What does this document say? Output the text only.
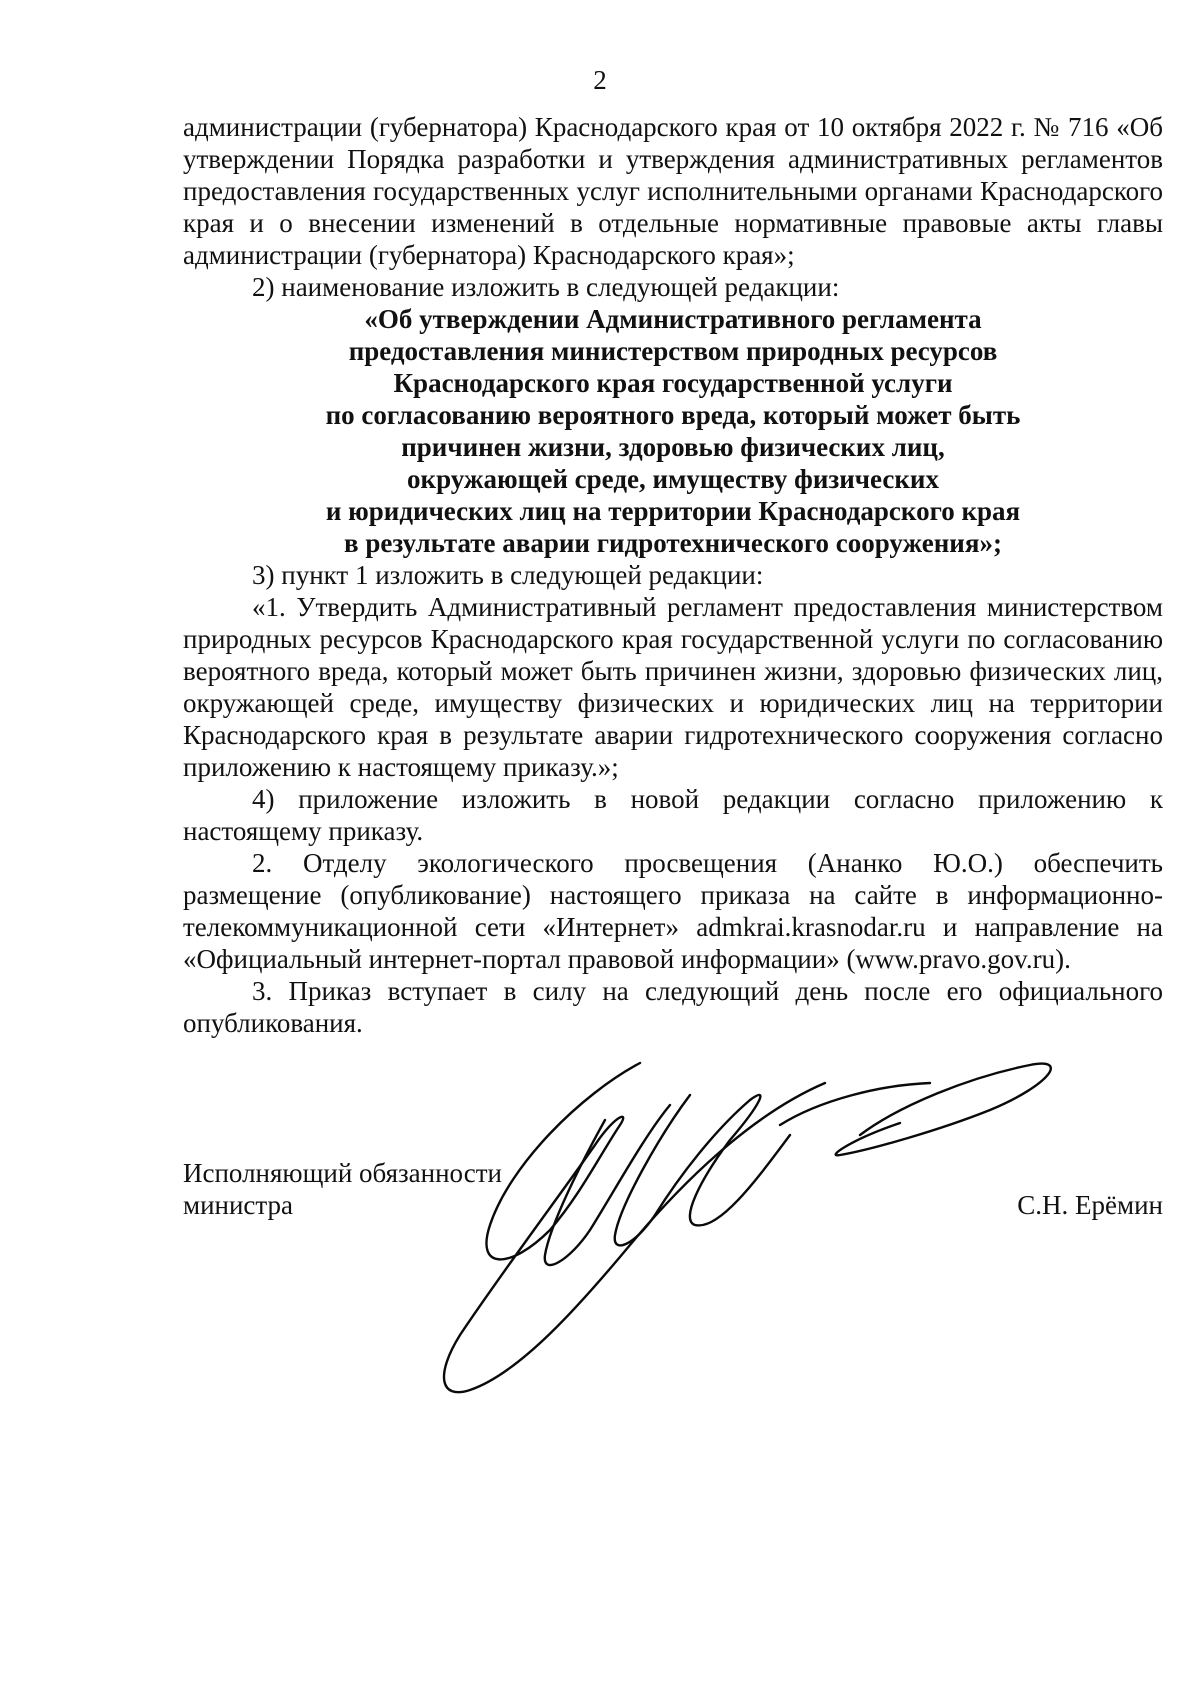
2

администрации (губернатора) Краснодарского края от 10 октября 2022 г. № 716 «Об утверждении Порядка разработки и утверждения административных регламентов предоставления государственных услуг исполнительными органами Краснодарского края и о внесении изменений в отдельные нормативные правовые акты главы администрации (губернатора) Краснодарского края»;

2) наименование изложить в следующей редакции:

«Об утверждении Административного регламента
предоставления министерством природных ресурсов
Краснодарского края государственной услуги
по согласованию вероятного вреда, который может быть
причинен жизни, здоровью физических лиц,
окружающей среде, имуществу физических
и юридических лиц на территории Краснодарского края
в результате аварии гидротехнического сооружения»;

3) пункт 1 изложить в следующей редакции:

«1. Утвердить Административный регламент предоставления министерством природных ресурсов Краснодарского края государственной услуги по согласованию вероятного вреда, который может быть причинен жизни, здоровью физических лиц, окружающей среде, имуществу физических и юридических лиц на территории Краснодарского края в результате аварии гидротехнического сооружения согласно приложению к настоящему приказу.»;

4) приложение изложить в новой редакции согласно приложению к настоящему приказу.

2. Отделу экологического просвещения (Ананко Ю.О.) обеспечить размещение (опубликование) настоящего приказа на сайте в информационно-телекоммуникационной сети «Интернет» admkrai.krasnodar.ru и направление на «Официальный интернет-портал правовой информации» (www.pravo.gov.ru).

3. Приказ вступает в силу на следующий день после его официального опубликования.

Исполняющий обязанности
министра	С.Н. Ерёмин
